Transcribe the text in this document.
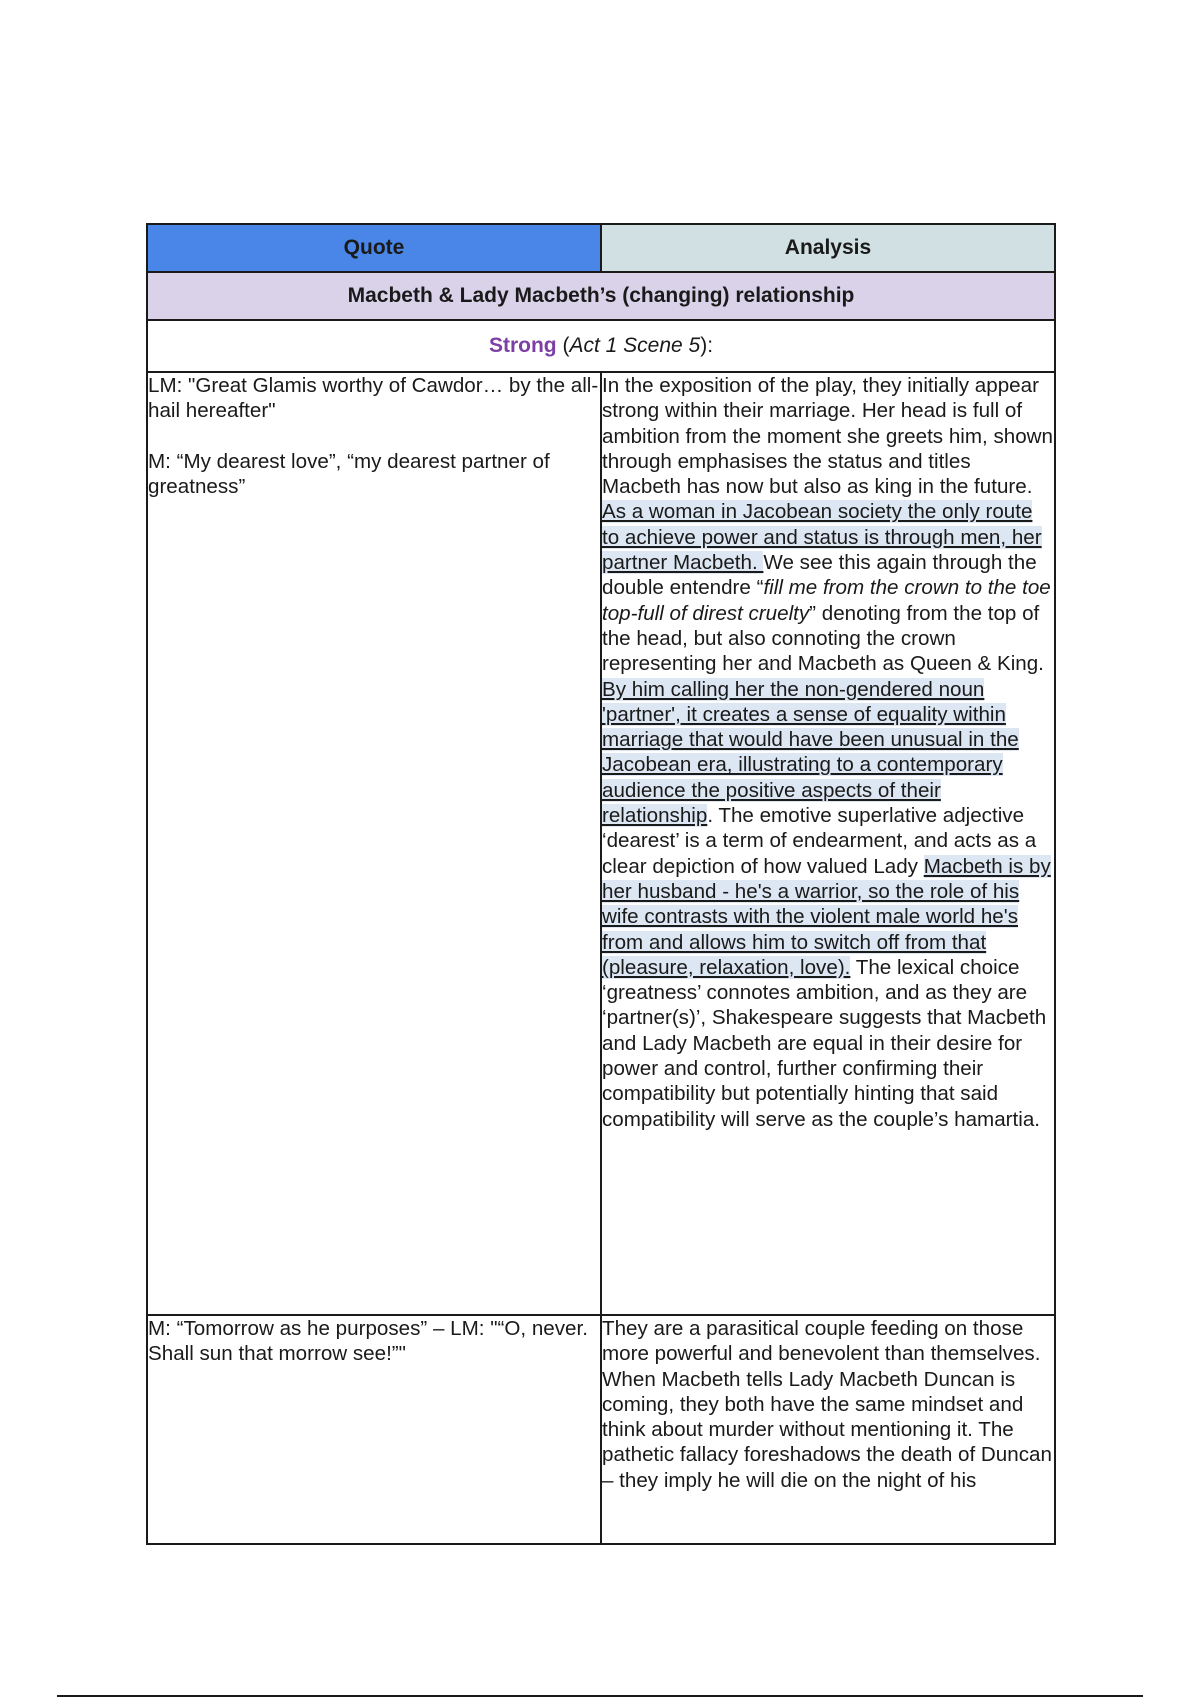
Quote	Analysis
Macbeth & Lady Macbeth’s (changing) relationship	
Strong (Act 1 Scene 5):	

LM: "Great Glamis worthy of Cawdor… by the all-hail hereafter"

M: “My dearest love”, “my dearest partner of greatness”	In the exposition of the play, they initially appear strong within their marriage. Her head is full of ambition from the moment she greets him, shown through emphasises the status and titles Macbeth has now but also as king in the future. As a woman in Jacobean society the only route to achieve power and status is through men, her partner Macbeth. We see this again through the double entendre “fill me from the crown to the toe top-full of direst cruelty” denoting from the top of the head, but also connoting the crown representing her and Macbeth as Queen & King. By him calling her the non-gendered noun 'partner', it creates a sense of equality within marriage that would have been unusual in the Jacobean era, illustrating to a contemporary audience the positive aspects of their relationship. The emotive superlative adjective ‘dearest’ is a term of endearment, and acts as a clear depiction of how valued Lady Macbeth is by her husband - he's a warrior, so the role of his wife contrasts with the violent male world he's from and allows him to switch off from that (pleasure, relaxation, love). The lexical choice ‘greatness’ connotes ambition, and as they are ‘partner(s)’, Shakespeare suggests that Macbeth and Lady Macbeth are equal in their desire for power and control, further confirming their compatibility but potentially hinting that said compatibility will serve as the couple’s hamartia.

M: “Tomorrow as he purposes” – LM: "“O, never. Shall sun that morrow see!”"	They are a parasitical couple feeding on those more powerful and benevolent than themselves. When Macbeth tells Lady Macbeth Duncan is coming, they both have the same mindset and think about murder without mentioning it. The pathetic fallacy foreshadows the death of Duncan – they imply he will die on the night of his
